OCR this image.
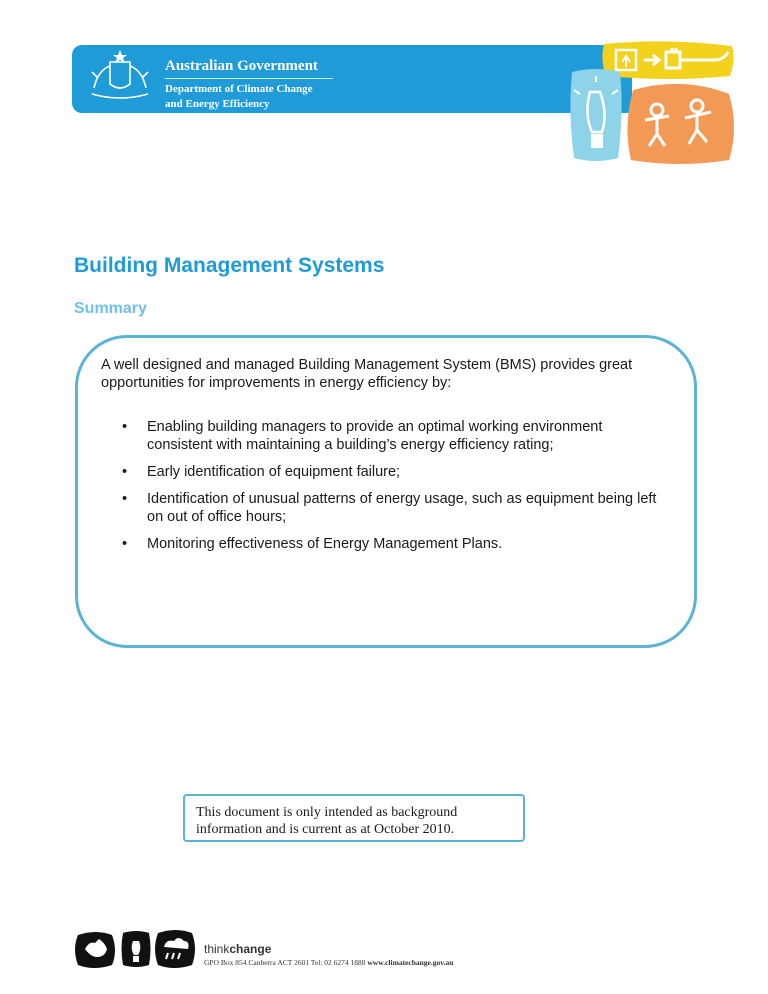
Australian Government
Department of Climate Change
and Energy Efficiency
Building Management Systems
Summary

A well designed and managed Building Management System (BMS) provides great opportunities for improvements in energy efficiency by:

• Enabling building managers to provide an optimal working environment consistent with maintaining a building’s energy efficiency rating;
• Early identification of equipment failure;
• Identification of unusual patterns of energy usage, such as equipment being left on out of office hours;
• Monitoring effectiveness of Energy Management Plans.
This document is only intended as background information and is current as at October 2010.
thinkchange
GPO Box 854 Canberra ACT 2601 Tel: 02 6274 1888 www.climatechange.gov.au
